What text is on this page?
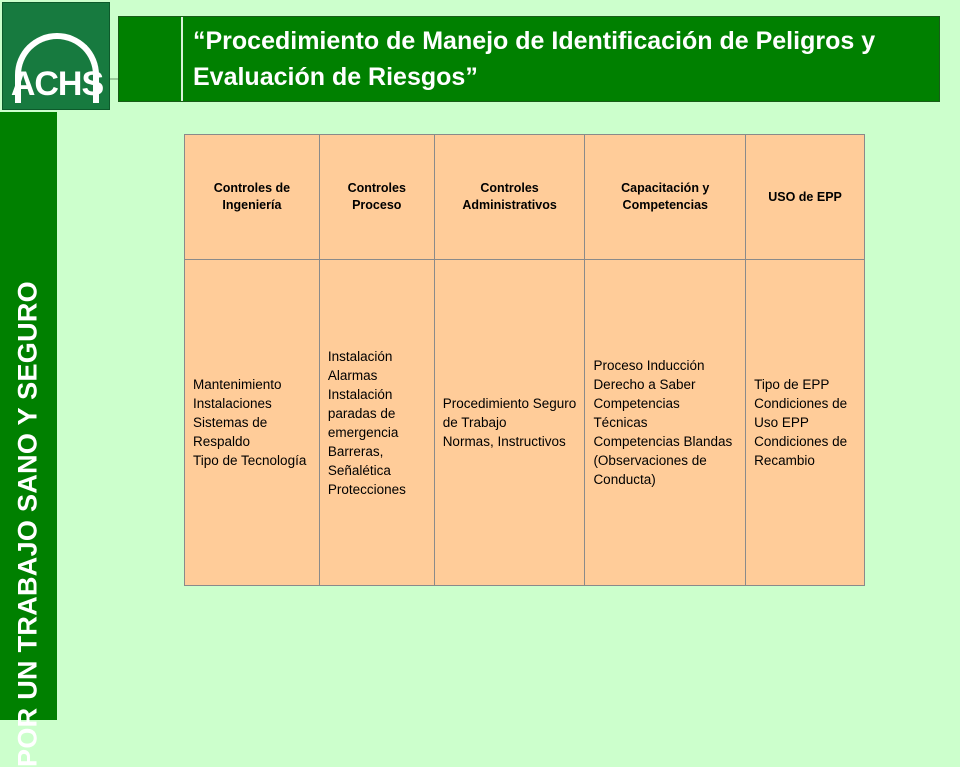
ACHS
“Procedimiento de Manejo de Identificación de Peligros y Evaluación de Riesgos”
POR UN TRABAJO SANO Y SEGURO
Controles de Ingeniería	Controles Proceso	Controles Administrativos	Capacitación y Competencias	USO de EPP

Mantenimiento
Instalaciones
Sistemas de Respaldo
Tipo de Tecnología	Instalación Alarmas
Instalación paradas de emergencia
Barreras, Señalética
Protecciones	Procedimiento Seguro de Trabajo
Normas, Instructivos	Proceso Inducción
Derecho a Saber
Competencias Técnicas
Competencias Blandas (Observaciones de Conducta)	Tipo de EPP
Condiciones de Uso EPP
Condiciones de Recambio
